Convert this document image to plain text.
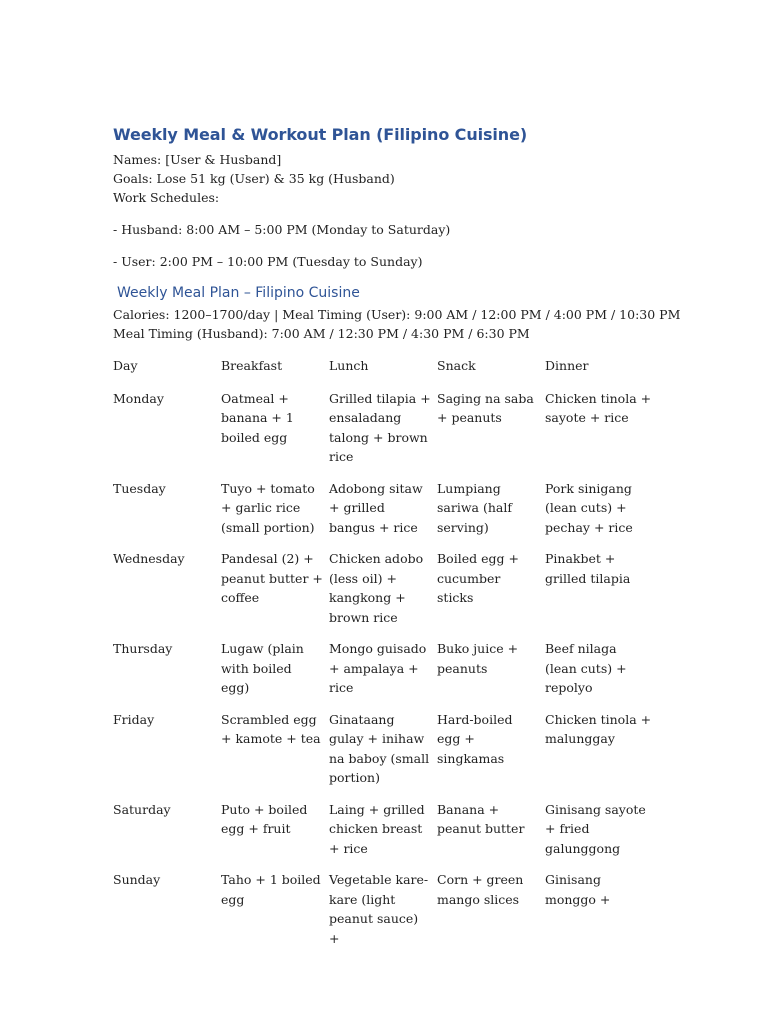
Weekly Meal & Workout Plan (Filipino Cuisine)

Names: [User & Husband]

Goals: Lose 51 kg (User) & 35 kg (Husband)

Work Schedules:

- Husband: 8:00 AM – 5:00 PM (Monday to Saturday)

- User: 2:00 PM – 10:00 PM (Tuesday to Sunday)

Weekly Meal Plan – Filipino Cuisine

Calories: 1200–1700/day | Meal Timing (User): 9:00 AM / 12:00 PM / 4:00 PM / 10:30 PM

Meal Timing (Husband): 7:00 AM / 12:30 PM / 4:30 PM / 6:30 PM

Day	Breakfast	Lunch	Snack	Dinner
Monday	Oatmeal + banana + 1 boiled egg	Grilled tilapia + ensaladang talong + brown rice	Saging na saba + peanuts	Chicken tinola + sayote + rice
Tuesday	Tuyo + tomato + garlic rice (small portion)	Adobong sitaw + grilled bangus + rice	Lumpiang sariwa (half serving)	Pork sinigang (lean cuts) + pechay + rice
Wednesday	Pandesal (2) + peanut butter + coffee	Chicken adobo (less oil) + kangkong + brown rice	Boiled egg + cucumber sticks	Pinakbet + grilled tilapia
Thursday	Lugaw (plain with boiled egg)	Mongo guisado + ampalaya + rice	Buko juice + peanuts	Beef nilaga (lean cuts) + repolyo
Friday	Scrambled egg + kamote + tea	Ginataang gulay + inihaw na baboy (small portion)	Hard-boiled egg + singkamas	Chicken tinola + malunggay
Saturday	Puto + boiled egg + fruit	Laing + grilled chicken breast + rice	Banana + peanut butter	Ginisang sayote + fried galunggong
Sunday	Taho + 1 boiled egg	Vegetable kare-kare (light peanut sauce) +	Corn + green mango slices	Ginisang monggo +
